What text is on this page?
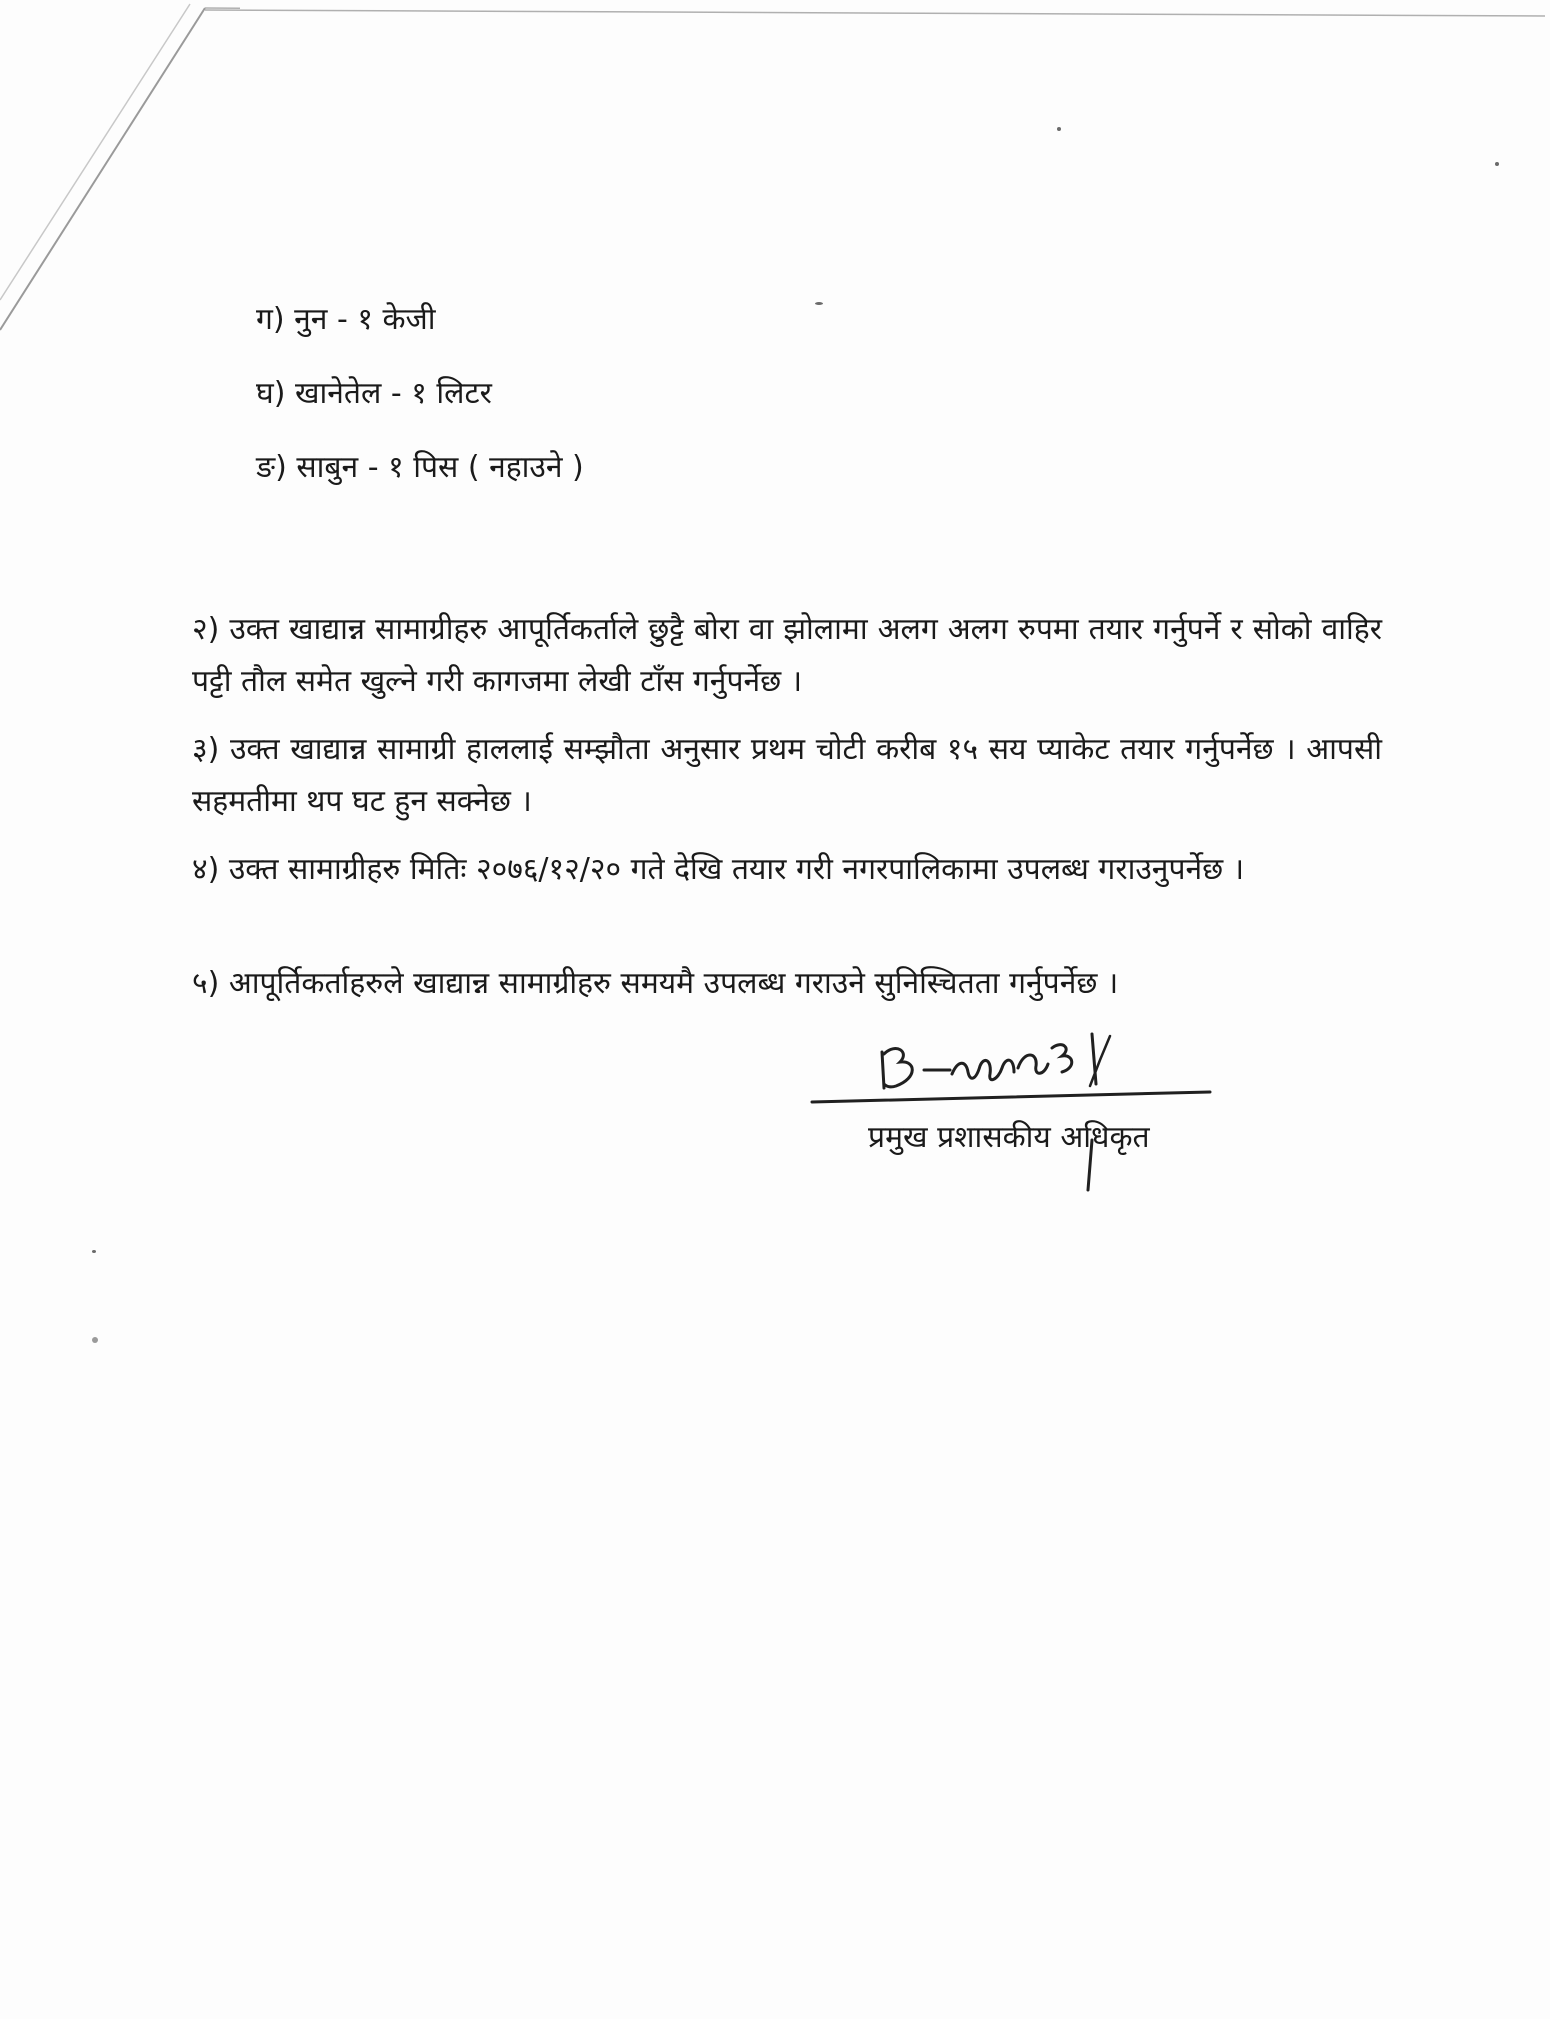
ग) नुन - १ केजी
घ) खानेतेल - १ लिटर
ङ) साबुन - १ पिस ( नहाउने )
२) उक्त खाद्यान्न सामाग्रीहरु आपूर्तिकर्ताले छुट्टै बोरा वा झोलामा अलग अलग रुपमा तयार गर्नुपर्ने र सोको वाहिर पट्टी तौल समेत खुल्ने गरी कागजमा लेखी टाँस गर्नुपर्नेछ ।
३) उक्त खाद्यान्न सामाग्री हाललाई सम्झौता अनुसार प्रथम चोटी करीब १५ सय प्याकेट तयार गर्नुपर्नेछ । आपसी सहमतीमा थप घट हुन सक्नेछ ।
४) उक्त सामाग्रीहरु मितिः २०७६/१२/२० गते देखि तयार गरी नगरपालिकामा उपलब्ध गराउनुपर्नेछ ।
५) आपूर्तिकर्ताहरुले खाद्यान्न सामाग्रीहरु समयमै उपलब्ध गराउने सुनिस्चितता गर्नुपर्नेछ ।
प्रमुख प्रशासकीय अधिकृत
